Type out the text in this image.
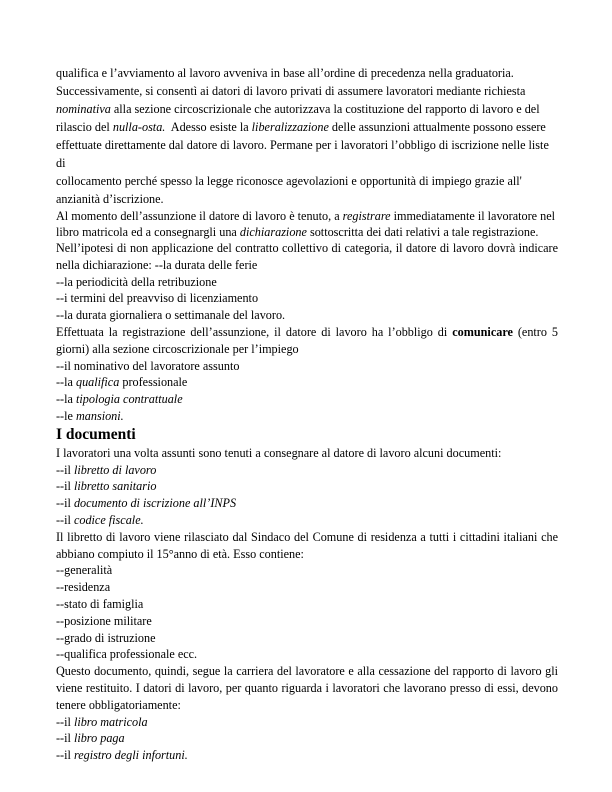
qualifica e l’avviamento al lavoro avveniva in base all’ordine di precedenza nella graduatoria.

Successivamente, si consentì ai datori di lavoro privati di assumere lavoratori mediante richiesta

nominativa alla sezione circoscrizionale che autorizzava la costituzione del rapporto di lavoro e del

rilascio del nulla-osta.  Adesso esiste la liberalizzazione delle assunzioni attualmente possono essere

effettuate direttamente dal datore di lavoro. Permane per i lavoratori l’obbligo di iscrizione nelle liste di

collocamento perché spesso la legge riconosce agevolazioni e opportunità di impiego grazie all'

anzianità d’iscrizione.

Al momento dell’assunzione il datore di lavoro è tenuto, a registrare immediatamente il lavoratore nel libro matricola ed a consegnargli una dichiarazione sottoscritta dei dati relativi a tale registrazione.

Nell’ipotesi di non applicazione del contratto collettivo di categoria, il datore di lavoro dovrà indicare nella dichiarazione: --la durata delle ferie

--la periodicità della retribuzione

--i termini del preavviso di licenziamento

--la durata giornaliera o settimanale del lavoro.

Effettuata la registrazione dell’assunzione, il datore di lavoro ha l’obbligo di comunicare (entro 5 giorni) alla sezione circoscrizionale per l’impiego

--il nominativo del lavoratore assunto

--la qualifica professionale

--la tipologia contrattuale

--le mansioni.

I documenti

I lavoratori una volta assunti sono tenuti a consegnare al datore di lavoro alcuni documenti:

--il libretto di lavoro

--il libretto sanitario

--il documento di iscrizione all’INPS

--il codice fiscale.

Il libretto di lavoro viene rilasciato dal Sindaco del Comune di residenza a tutti i cittadini italiani che abbiano compiuto il 15°anno di età. Esso contiene:

--generalità

--residenza

--stato di famiglia

--posizione militare

--grado di istruzione

--qualifica professionale ecc.

Questo documento, quindi, segue la carriera del lavoratore e alla cessazione del rapporto di lavoro gli viene restituito. I datori di lavoro, per quanto riguarda i lavoratori che lavorano presso di essi, devono tenere obbligatoriamente:

--il libro matricola

--il libro paga

--il registro degli infortuni.
